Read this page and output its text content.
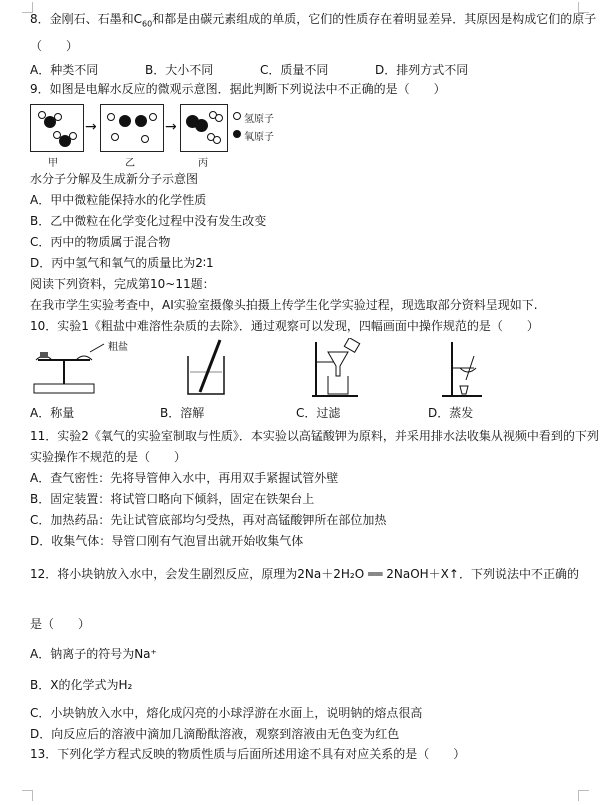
8．金刚石、石墨和$C_{60}$和都是由碳元素组成的单质，它们的性质存在着明显差异．其原因是构成它们的原子
（　　）
A．种类不同	B．大小不同	C．质量不同	D．排列方式不同
9．如图是电解水反应的微观示意图．据此判断下列说法中不正确的是（　　）
→	→	氢原子
氧原子
甲	乙	丙
水分子分解及生成新分子示意图
A．甲中微粒能保持水的化学性质
B．乙中微粒在化学变化过程中没有发生改变
C．丙中的物质属于混合物
D．丙中氢气和氧气的质量比为2∶1
阅读下列资料，完成第10~11题：
在我市学生实验考查中，AI实验室摄像头拍摄上传学生化学实验过程，现选取部分资料呈现如下.
10．实验1《粗盐中难溶性杂质的去除》．通过观察可以发现，四幅画面中操作规范的是（　　）
粗盐
A．称量	B．溶解	C．过滤	D．蒸发
11．实验2《氧气的实验室制取与性质》．本实验以高锰酸钾为原料，并采用排水法收集从视频中看到的下列
实验操作不规范的是（　　）
A．查气密性：先将导管伸入水中，再用双手紧握试管外壁
B．固定装置：将试管口略向下倾斜，固定在铁架台上
C．加热药品：先让试管底部均匀受热，再对高锰酸钾所在部位加热
D．收集气体：导管口刚有气泡冒出就开始收集气体
12．将小块钠放入水中，会发生剧烈反应，原理为2Na＋2H₂O ══ 2NaOH＋X↑．下列说法中不正确的
是（　　）
A．钠离子的符号为Na⁺
B．X的化学式为H₂
C．小块钠放入水中，熔化成闪亮的小球浮游在水面上，说明钠的熔点很高
D．向反应后的溶液中滴加几滴酚酞溶液，观察到溶液由无色变为红色
13．下列化学方程式反映的物质性质与后面所述用途不具有对应关系的是（　　）
